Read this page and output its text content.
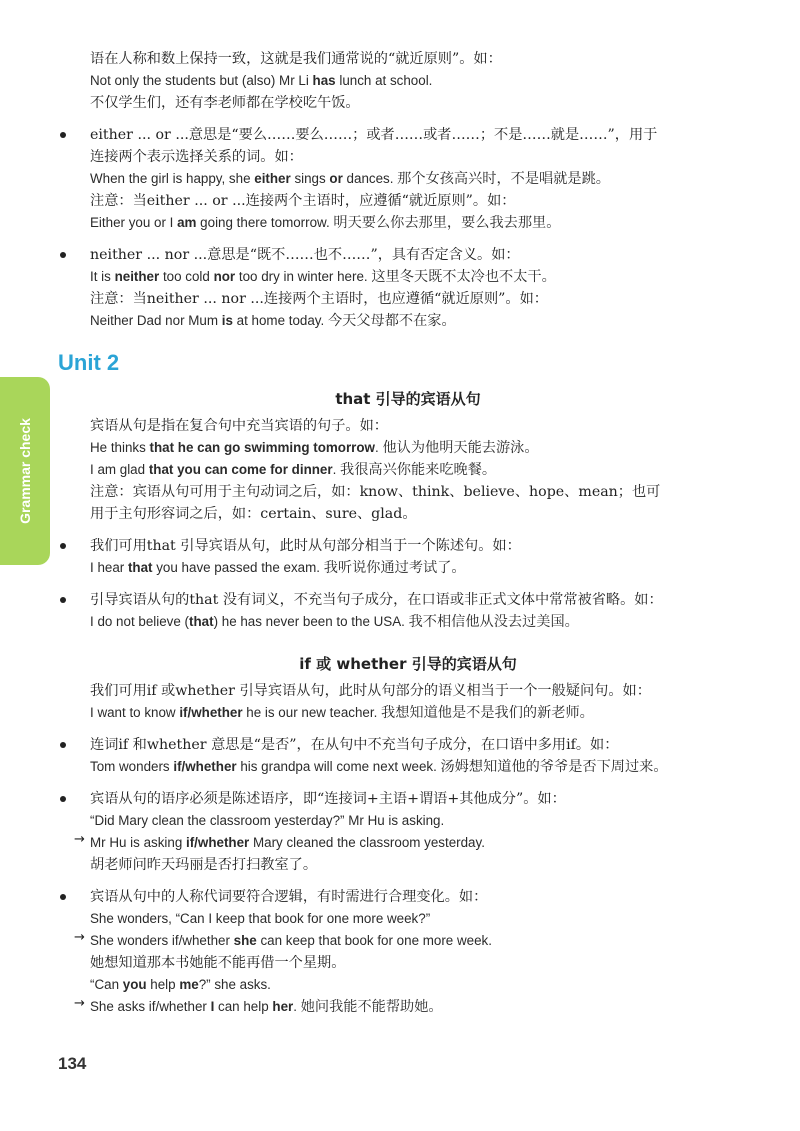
Grammar check
语在人称和数上保持一致，这就是我们通常说的“就近原则”。如：
Not only the students but (also) Mr Li has lunch at school.
不仅学生们，还有李老师都在学校吃午饭。
either ... or ...意思是“要么……要么……；或者……或者……；不是……就是……”，用于
连接两个表示选择关系的词。如：
When the girl is happy, she either sings or dances. 那个女孩高兴时，不是唱就是跳。
注意：当either ... or ...连接两个主语时，应遵循“就近原则”。如：
Either you or I am going there tomorrow. 明天要么你去那里，要么我去那里。
neither ... nor ...意思是“既不……也不……”，具有否定含义。如：
It is neither too cold nor too dry in winter here. 这里冬天既不太冷也不太干。
注意：当neither ... nor ...连接两个主语时，也应遵循“就近原则”。如：
Neither Dad nor Mum is at home today. 今天父母都不在家。
Unit 2
that 引导的宾语从句
宾语从句是指在复合句中充当宾语的句子。如：
He thinks that he can go swimming tomorrow. 他认为他明天能去游泳。
I am glad that you can come for dinner. 我很高兴你能来吃晚餐。
注意：宾语从句可用于主句动词之后，如：know、think、believe、hope、mean；也可
用于主句形容词之后，如：certain、sure、glad。
我们可用that 引导宾语从句，此时从句部分相当于一个陈述句。如：
I hear that you have passed the exam. 我听说你通过考试了。
引导宾语从句的that 没有词义，不充当句子成分，在口语或非正式文体中常常被省略。如：
I do not believe (that) he has never been to the USA. 我不相信他从没去过美国。
if 或 whether 引导的宾语从句
我们可用if 或whether 引导宾语从句，此时从句部分的语义相当于一个一般疑问句。如：
I want to know if/whether he is our new teacher. 我想知道他是不是我们的新老师。
连词if 和whether 意思是“是否”，在从句中不充当句子成分，在口语中多用if。如：
Tom wonders if/whether his grandpa will come next week. 汤姆想知道他的爷爷是否下周过来。
宾语从句的语序必须是陈述语序，即“连接词+主语+谓语+其他成分”。如：
“Did Mary clean the classroom yesterday?” Mr Hu is asking.
→ Mr Hu is asking if/whether Mary cleaned the classroom yesterday.
胡老师问昨天玛丽是否打扫教室了。
宾语从句中的人称代词要符合逻辑，有时需进行合理变化。如：
She wonders, “Can I keep that book for one more week?”
→ She wonders if/whether she can keep that book for one more week.
她想知道那本书她能不能再借一个星期。
“Can you help me?” she asks.
→ She asks if/whether I can help her. 她问我能不能帮助她。
134
